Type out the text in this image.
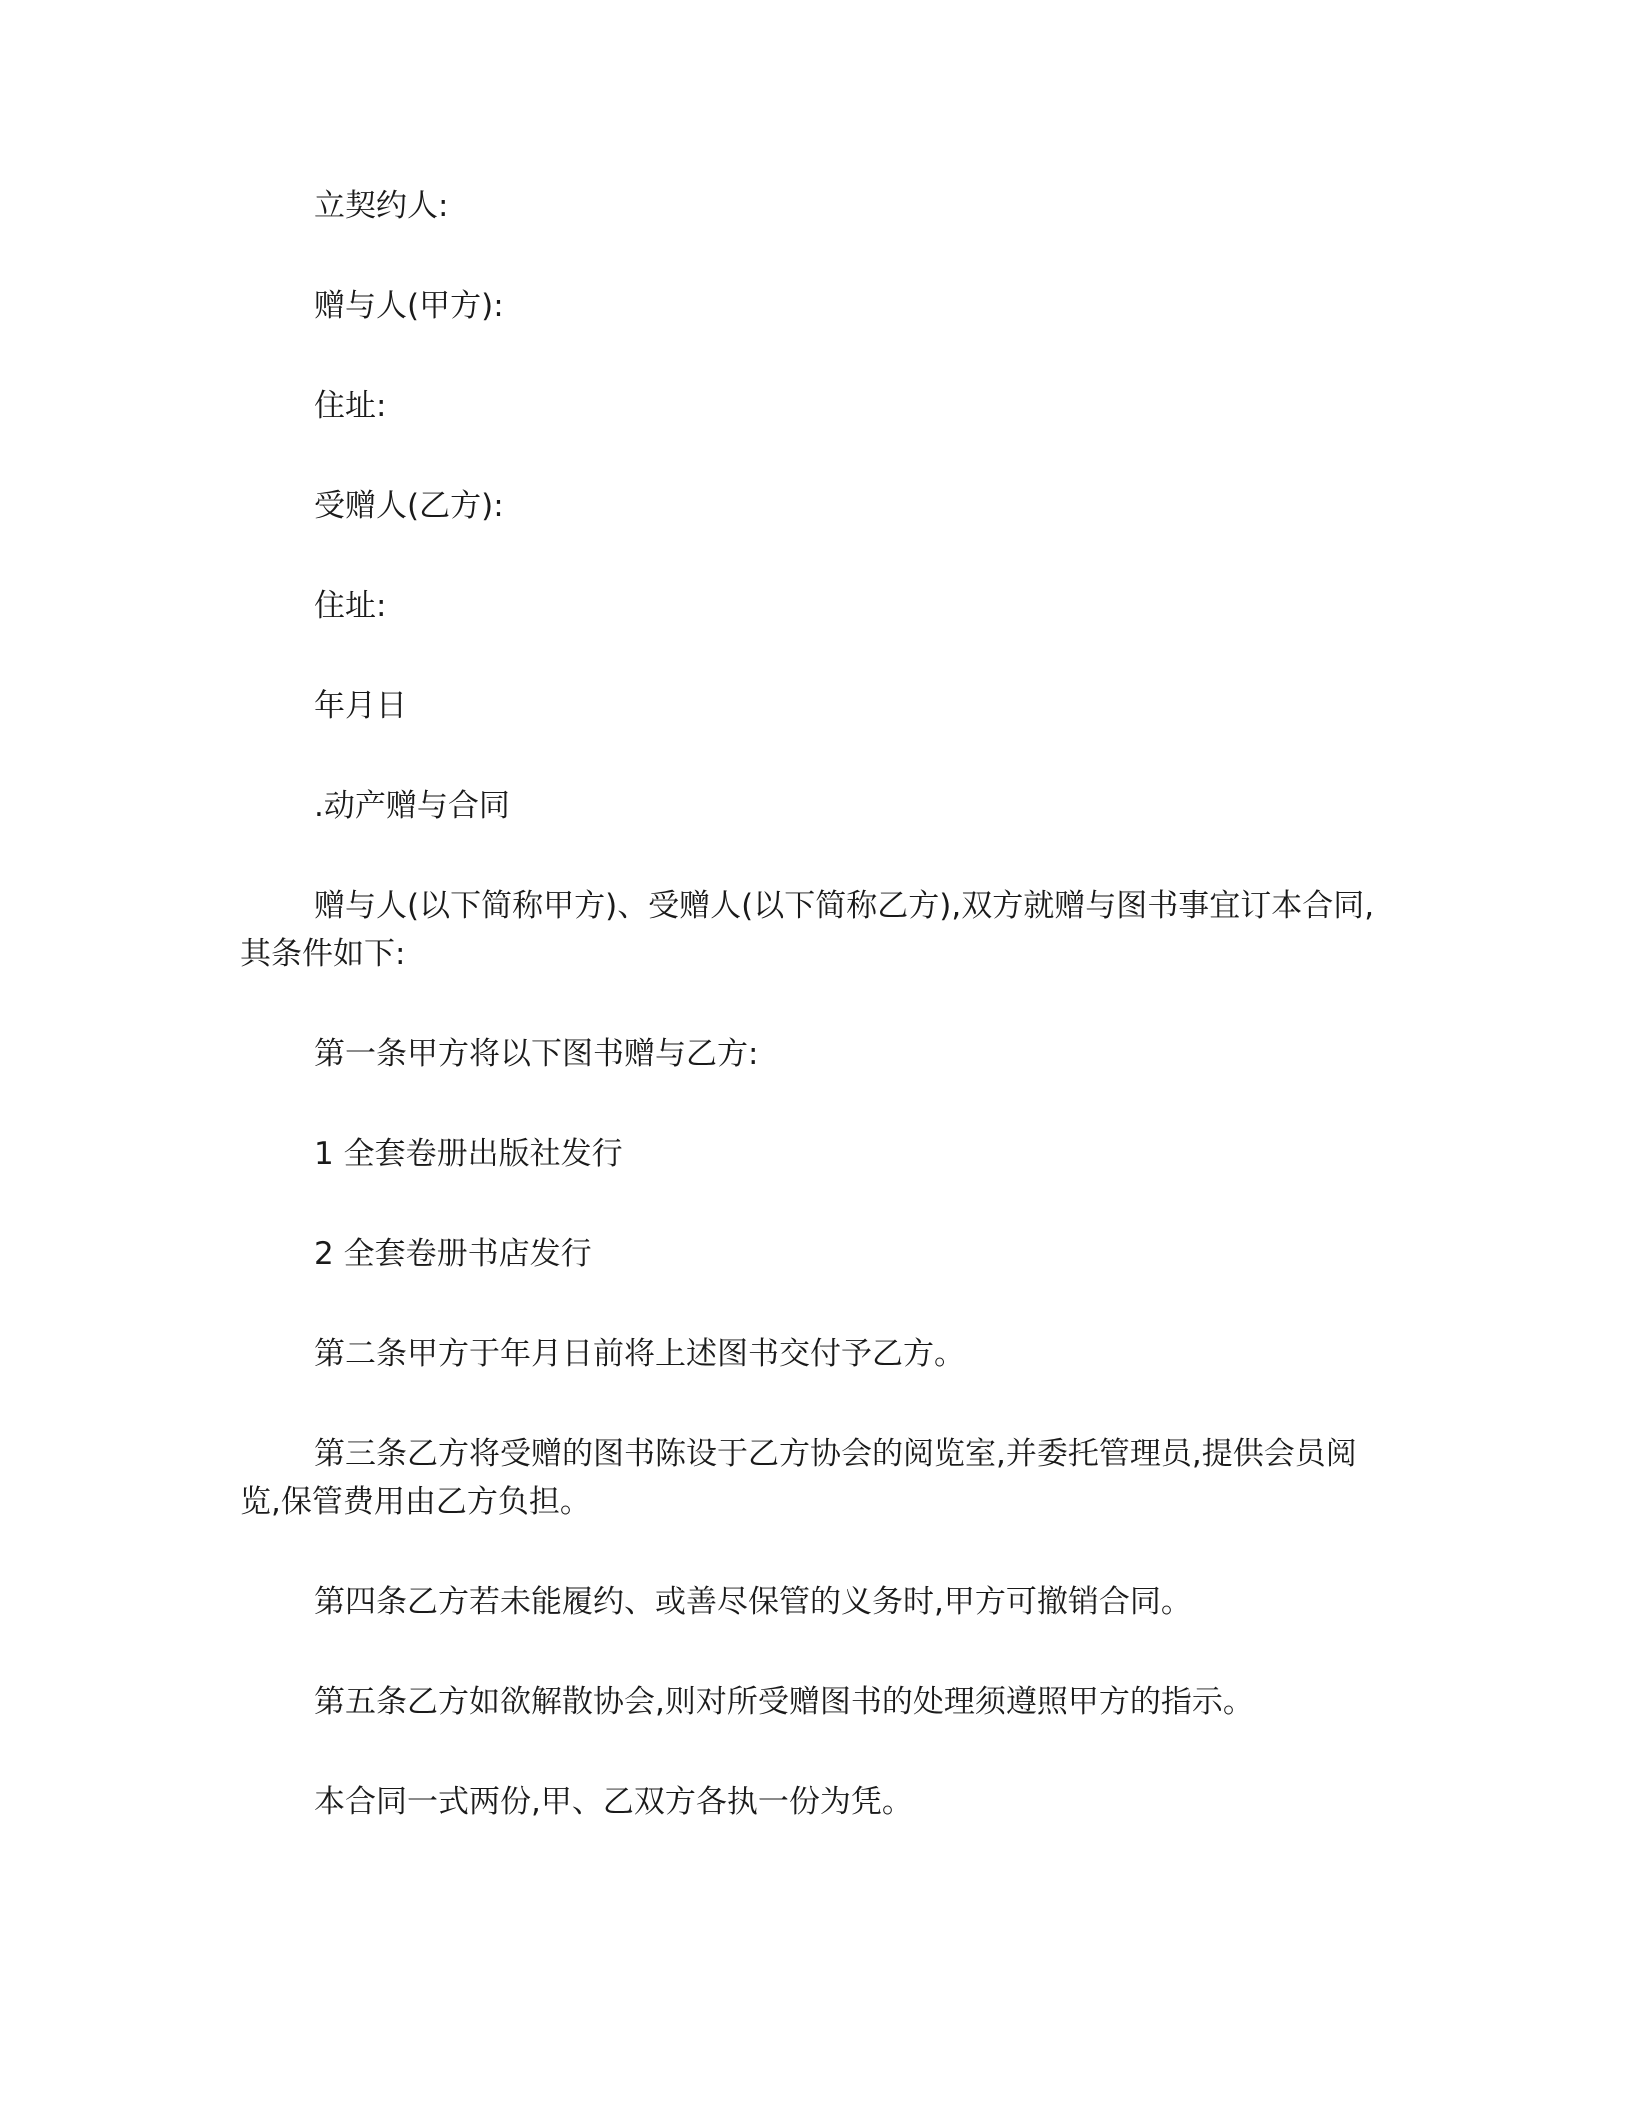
立契约人:

赠与人(甲方):

住址:

受赠人(乙方):

住址:

年月日

.动产赠与合同

赠与人(以下简称甲方)、受赠人(以下简称乙方),双方就赠与图书事宜订本合同,其条件如下:

第一条甲方将以下图书赠与乙方:

1 全套卷册出版社发行

2 全套卷册书店发行

第二条甲方于年月日前将上述图书交付予乙方。

第三条乙方将受赠的图书陈设于乙方协会的阅览室,并委托管理员,提供会员阅览,保管费用由乙方负担。

第四条乙方若未能履约、或善尽保管的义务时,甲方可撤销合同。

第五条乙方如欲解散协会,则对所受赠图书的处理须遵照甲方的指示。

本合同一式两份,甲、乙双方各执一份为凭。
